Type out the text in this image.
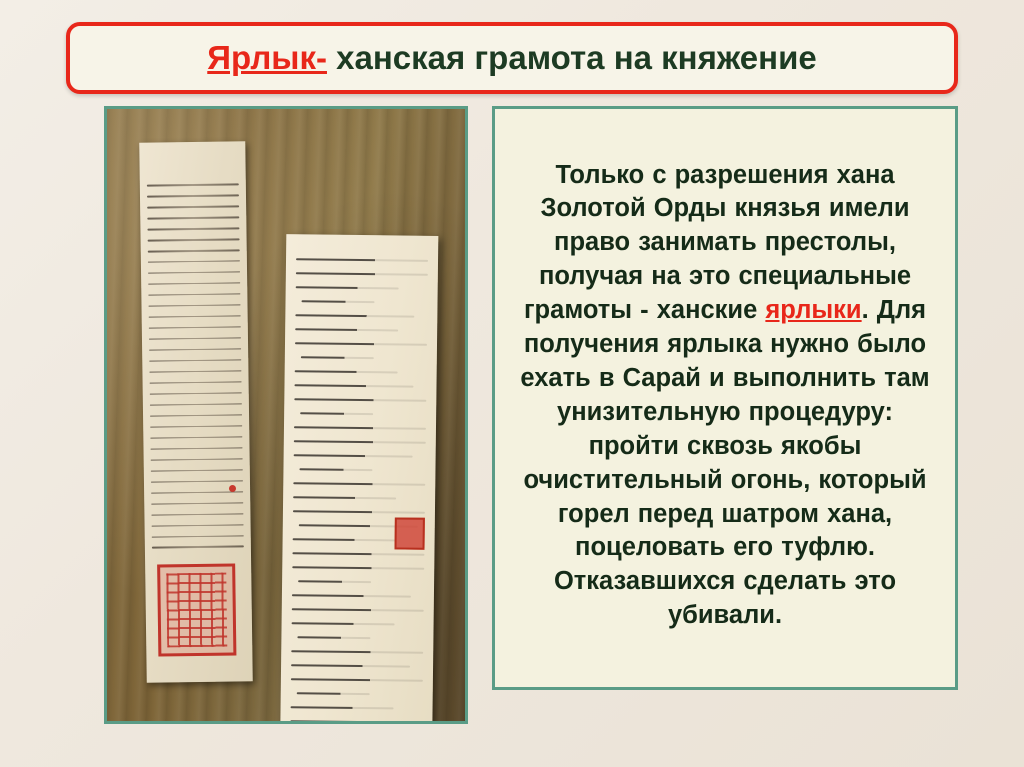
Ярлык- ханская грамота на княжение

Только с разрешения хана Золотой Орды князья имели право занимать престолы, получая на это специальные грамоты - ханские ярлыки. Для получения ярлыка нужно было ехать в Сарай и выполнить там унизительную процедуру: пройти сквозь якобы очистительный огонь, который горел перед шатром хана, поцеловать его туфлю. Отказавшихся сделать это убивали.
